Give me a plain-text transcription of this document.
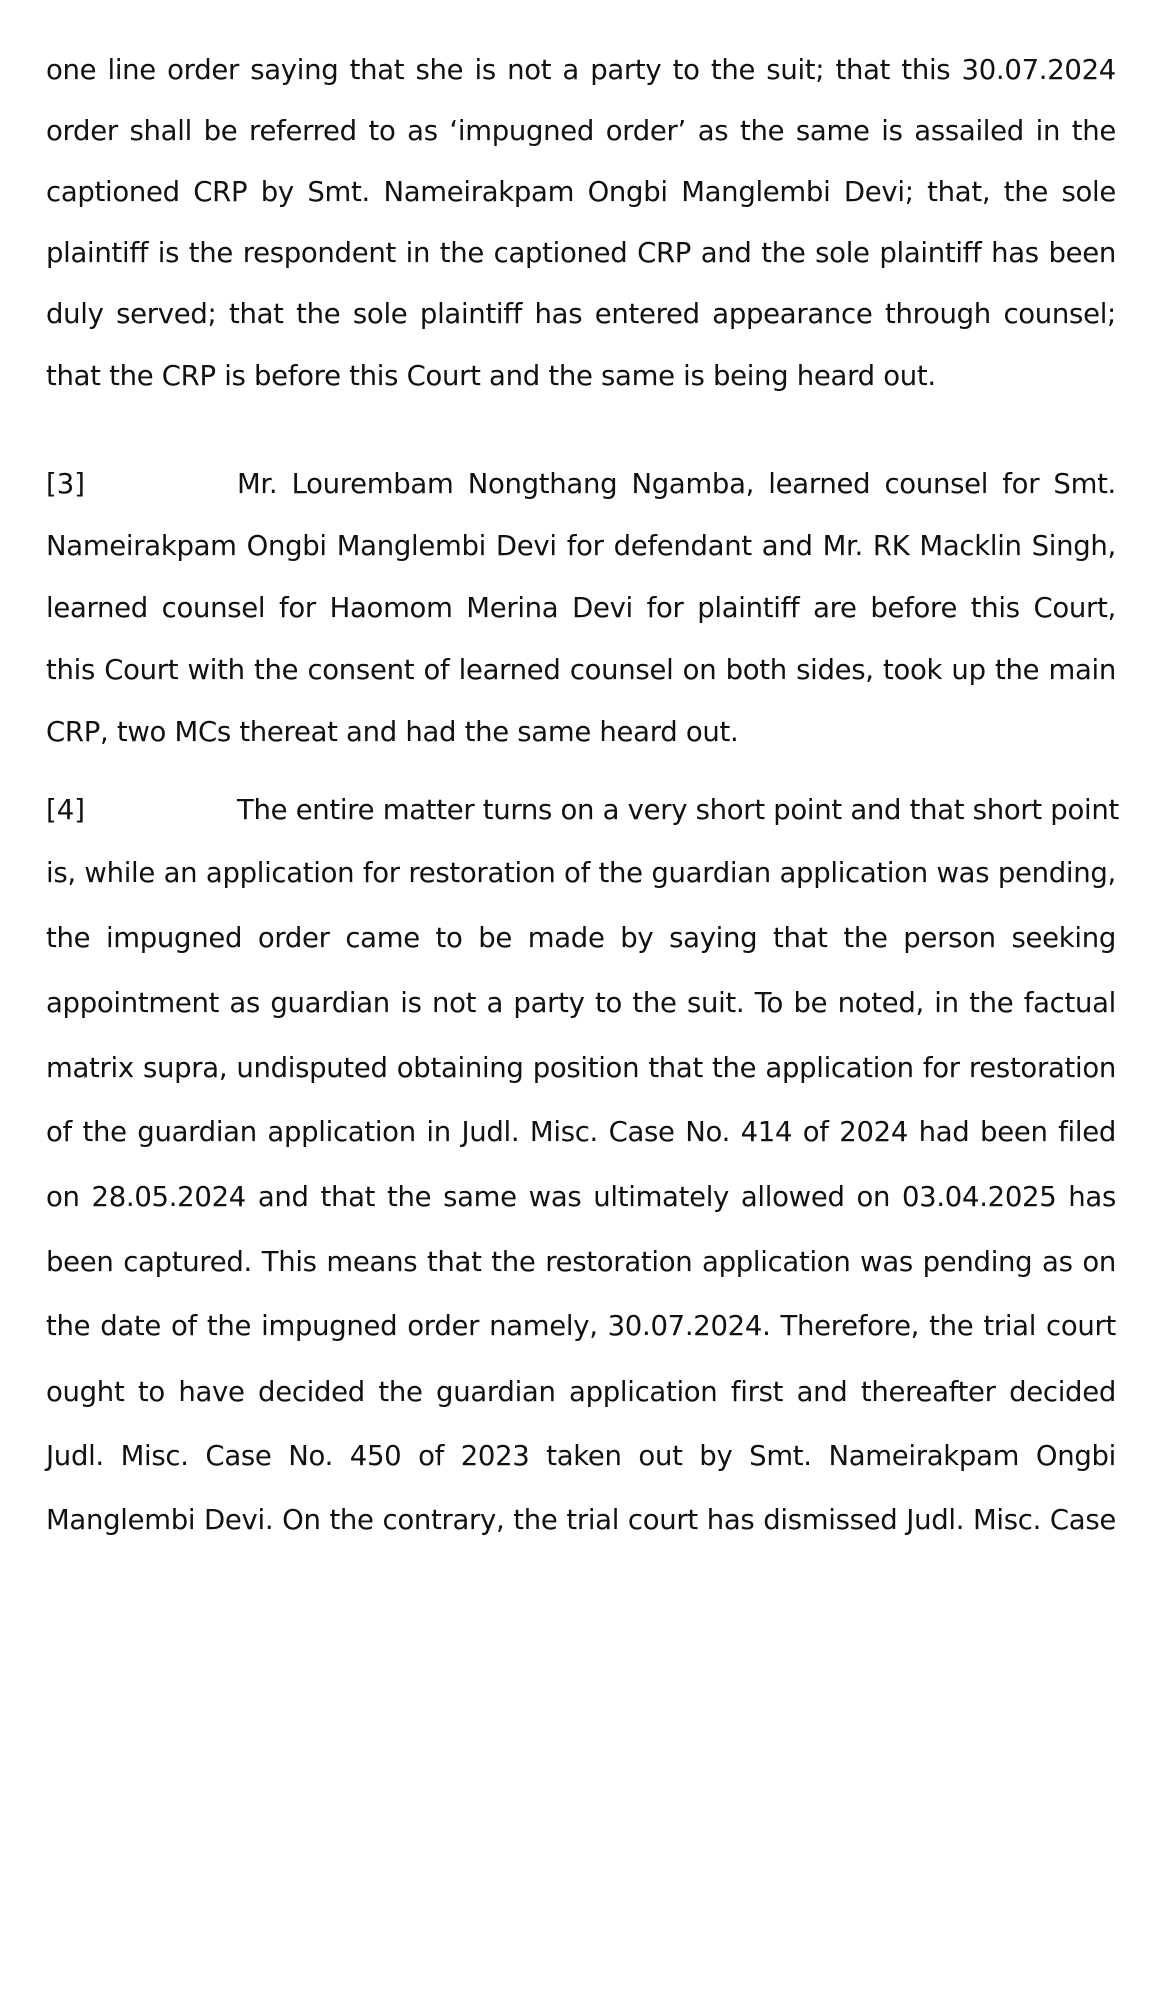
one line order saying that she is not a party to the suit; that this 30.07.2024
order shall be referred to as ‘impugned order’ as the same is assailed in the
captioned CRP by Smt. Nameirakpam Ongbi Manglembi Devi; that, the sole
plaintiff is the respondent in the captioned CRP and the sole plaintiff has been
duly served; that the sole plaintiff has entered appearance through counsel;
that the CRP is before this Court and the same is being heard out.
[3]	Mr. Lourembam Nongthang Ngamba, learned counsel for Smt.
Nameirakpam Ongbi Manglembi Devi for defendant and Mr. RK Macklin Singh,
learned counsel for Haomom Merina Devi for plaintiff are before this Court,
this Court with the consent of learned counsel on both sides, took up the main
CRP, two MCs thereat and had the same heard out.
[4]	The entire matter turns on a very short point and that short point
is, while an application for restoration of the guardian application was pending,
the impugned order came to be made by saying that the person seeking
appointment as guardian is not a party to the suit. To be noted, in the factual
matrix supra, undisputed obtaining position that the application for restoration
of the guardian application in Judl. Misc. Case No. 414 of 2024 had been filed
on 28.05.2024 and that the same was ultimately allowed on 03.04.2025 has
been captured. This means that the restoration application was pending as on
the date of the impugned order namely, 30.07.2024. Therefore, the trial court
ought to have decided the guardian application first and thereafter decided
Judl. Misc. Case No. 450 of 2023 taken out by Smt. Nameirakpam Ongbi
Manglembi Devi. On the contrary, the trial court has dismissed Judl. Misc. Case
